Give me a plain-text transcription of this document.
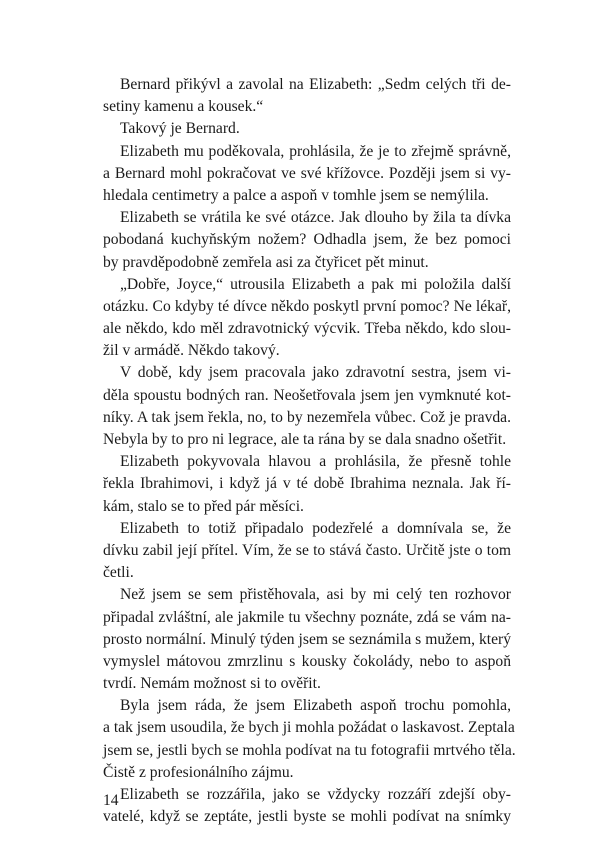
Bernard přikývl a zavolal na Elizabeth: „Sedm celých tři de-
setiny kamenu a kousek.“
Takový je Bernard.
Elizabeth mu poděkovala, prohlásila, že je to zřejmě správně,
a Bernard mohl pokračovat ve své křížovce. Později jsem si vy-
hledala centimetry a palce a aspoň v tomhle jsem se nemýlila.
Elizabeth se vrátila ke své otázce. Jak dlouho by žila ta dívka
pobodaná kuchyňským nožem? Odhadla jsem, že bez pomoci
by pravděpodobně zemřela asi za čtyřicet pět minut.
„Dobře, Joyce,“ utrousila Elizabeth a pak mi položila další
otázku. Co kdyby té dívce někdo poskytl první pomoc? Ne lékař,
ale někdo, kdo měl zdravotnický výcvik. Třeba někdo, kdo slou-
žil v armádě. Někdo takový.
V době, kdy jsem pracovala jako zdravotní sestra, jsem vi-
děla spoustu bodných ran. Neošetřovala jsem jen vymknuté kot-
níky. A tak jsem řekla, no, to by nezemřela vůbec. Což je pravda.
Nebyla by to pro ni legrace, ale ta rána by se dala snadno ošetřit.
Elizabeth pokyvovala hlavou a prohlásila, že přesně tohle
řekla Ibrahimovi, i když já v té době Ibrahima neznala. Jak ří-
kám, stalo se to před pár měsíci.
Elizabeth to totiž připadalo podezřelé a domnívala se, že
dívku zabil její přítel. Vím, že se to stává často. Určitě jste o tom
četli.
Než jsem se sem přistěhovala, asi by mi celý ten rozhovor
připadal zvláštní, ale jakmile tu všechny poznáte, zdá se vám na-
prosto normální. Minulý týden jsem se seznámila s mužem, který
vymyslel mátovou zmrzlinu s kousky čokolády, nebo to aspoň
tvrdí. Nemám možnost si to ověřit.
Byla jsem ráda, že jsem Elizabeth aspoň trochu pomohla,
a tak jsem usoudila, že bych ji mohla požádat o laskavost. Zeptala
jsem se, jestli bych se mohla podívat na tu fotografii mrtvého těla.
Čistě z profesionálního zájmu.
Elizabeth se rozzářila, jako se vždycky rozzáří zdejší oby-
vatelé, když se zeptáte, jestli byste se mohli podívat na snímky
14
